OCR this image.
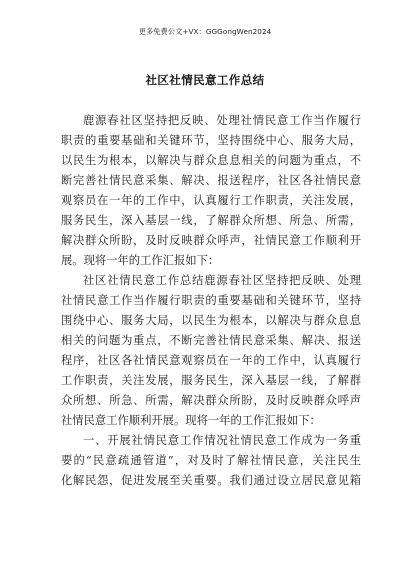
更多免费公文+VX：GGGongWen2024
社区社情民意工作总结
鹿源春社区坚持把反映、处理社情民意工作当作履行
职责的重要基础和关键环节，坚持围绕中心、服务大局，
以民生为根本，以解决与群众息息相关的问题为重点，不
断完善社情民意采集、解决、报送程序，社区各社情民意
观察员在一年的工作中，认真履行工作职责，关注发展，
服务民生，深入基层一线，了解群众所想、所急、所需，
解决群众所盼，及时反映群众呼声，社情民意工作顺利开
展。现将一年的工作汇报如下：
社区社情民意工作总结鹿源春社区坚持把反映、处理
社情民意工作当作履行职责的重要基础和关键环节，坚持
围绕中心、服务大局，以民生为根本，以解决与群众息息
相关的问题为重点，不断完善社情民意采集、解决、报送
程序，社区各社情民意观察员在一年的工作中，认真履行
工作职责，关注发展，服务民生，深入基层一线，了解群
众所想、所急、所需，解决群众所盼，及时反映群众呼声
社情民意工作顺利开展。现将一年的工作汇报如下：
一、开展社情民意工作情况社情民意工作成为一务重
要的“民意疏通管道”，对及时了解社情民意，关注民生
化解民怨，促进发展至关重要。我们通过设立居民意见箱
